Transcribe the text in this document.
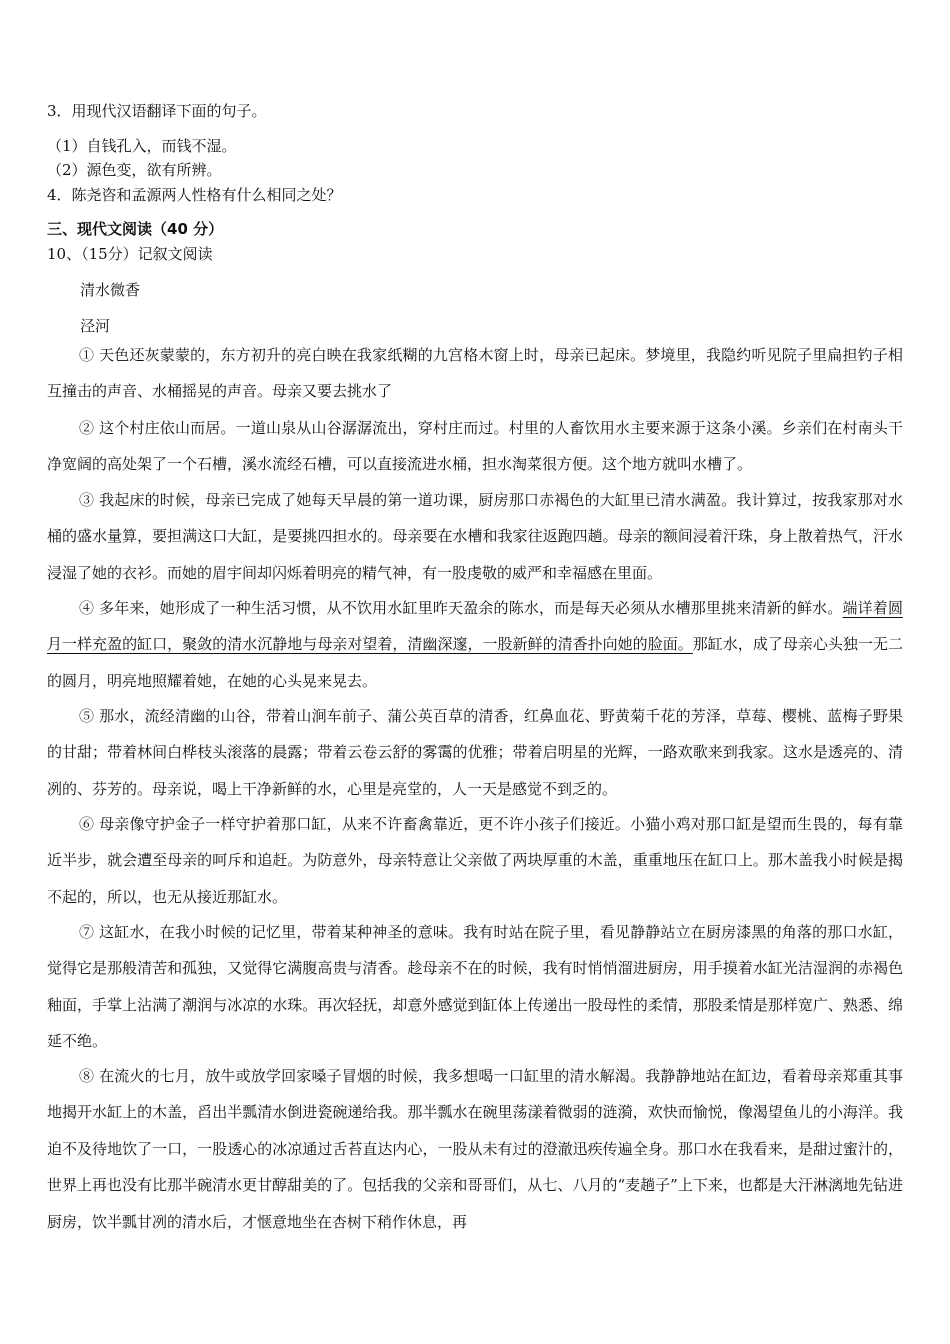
3．用现代汉语翻译下面的句子。
（1）自钱孔入，而钱不湿。
（2）源色变，欲有所辨。
4．陈尧咨和孟源两人性格有什么相同之处？
三、现代文阅读（40 分）
10、（15分）记叙文阅读
清水微香
泾河

① 天色还灰蒙蒙的，东方初升的亮白映在我家纸糊的九宫格木窗上时，母亲已起床。梦境里，我隐约听见院子里扁担钓子相互撞击的声音、水桶摇晃的声音。母亲又要去挑水了

② 这个村庄依山而居。一道山泉从山谷潺潺流出，穿村庄而过。村里的人畜饮用水主要来源于这条小溪。乡亲们在村南头干净宽阔的高处架了一个石槽，溪水流经石槽，可以直接流进水桶，担水淘菜很方便。这个地方就叫水槽了。

③ 我起床的时候，母亲已完成了她每天早晨的第一道功课，厨房那口赤褐色的大缸里已清水满盈。我计算过，按我家那对水桶的盛水量算，要担满这口大缸，是要挑四担水的。母亲要在水槽和我家往返跑四趟。母亲的额间浸着汗珠，身上散着热气，汗水浸湿了她的衣衫。而她的眉宇间却闪烁着明亮的精气神，有一股虔敬的威严和幸福感在里面。

④ 多年来，她形成了一种生活习惯，从不饮用水缸里昨天盈余的陈水，而是每天必须从水槽那里挑来清新的鲜水。端详着圆月一样充盈的缸口，聚敛的清水沉静地与母亲对望着，清幽深邃，一股新鲜的清香扑向她的脸面。那缸水，成了母亲心头独一无二的圆月，明亮地照耀着她，在她的心头晃来晃去。

⑤ 那水，流经清幽的山谷，带着山涧车前子、蒲公英百草的清香，红鼻血花、野黄菊千花的芳泽，草莓、樱桃、蓝梅子野果的甘甜；带着林间白桦枝头滚落的晨露；带着云卷云舒的雾霭的优雅；带着启明星的光辉，一路欢歌来到我家。这水是透亮的、清冽的、芬芳的。母亲说，喝上干净新鲜的水，心里是亮堂的，人一天是感觉不到乏的。

⑥ 母亲像守护金子一样守护着那口缸，从来不许畜禽靠近，更不许小孩子们接近。小猫小鸡对那口缸是望而生畏的，每有靠近半步，就会遭至母亲的呵斥和追赶。为防意外，母亲特意让父亲做了两块厚重的木盖，重重地压在缸口上。那木盖我小时候是揭不起的，所以，也无从接近那缸水。

⑦ 这缸水，在我小时候的记忆里，带着某种神圣的意味。我有时站在院子里，看见静静站立在厨房漆黑的角落的那口水缸，觉得它是那般清苦和孤独，又觉得它满腹高贵与清香。趁母亲不在的时候，我有时悄悄溜进厨房，用手摸着水缸光洁湿润的赤褐色釉面，手掌上沾满了潮润与冰凉的水珠。再次轻抚，却意外感觉到缸体上传递出一股母性的柔情，那股柔情是那样宽广、熟悉、绵延不绝。

⑧ 在流火的七月，放牛或放学回家嗓子冒烟的时候，我多想喝一口缸里的清水解渴。我静静地站在缸边，看着母亲郑重其事地揭开水缸上的木盖，舀出半瓢清水倒进瓷碗递给我。那半瓢水在碗里荡漾着微弱的涟漪，欢快而愉悦，像渴望鱼儿的小海洋。我迫不及待地饮了一口，一股透心的冰凉通过舌苔直达内心，一股从未有过的澄澈迅疾传遍全身。那口水在我看来，是甜过蜜汁的，世界上再也没有比那半碗清水更甘醇甜美的了。包括我的父亲和哥哥们，从七、八月的“麦趟子”上下来，也都是大汗淋漓地先钻进厨房，饮半瓢甘冽的清水后，才惬意地坐在杏树下稍作休息，再
